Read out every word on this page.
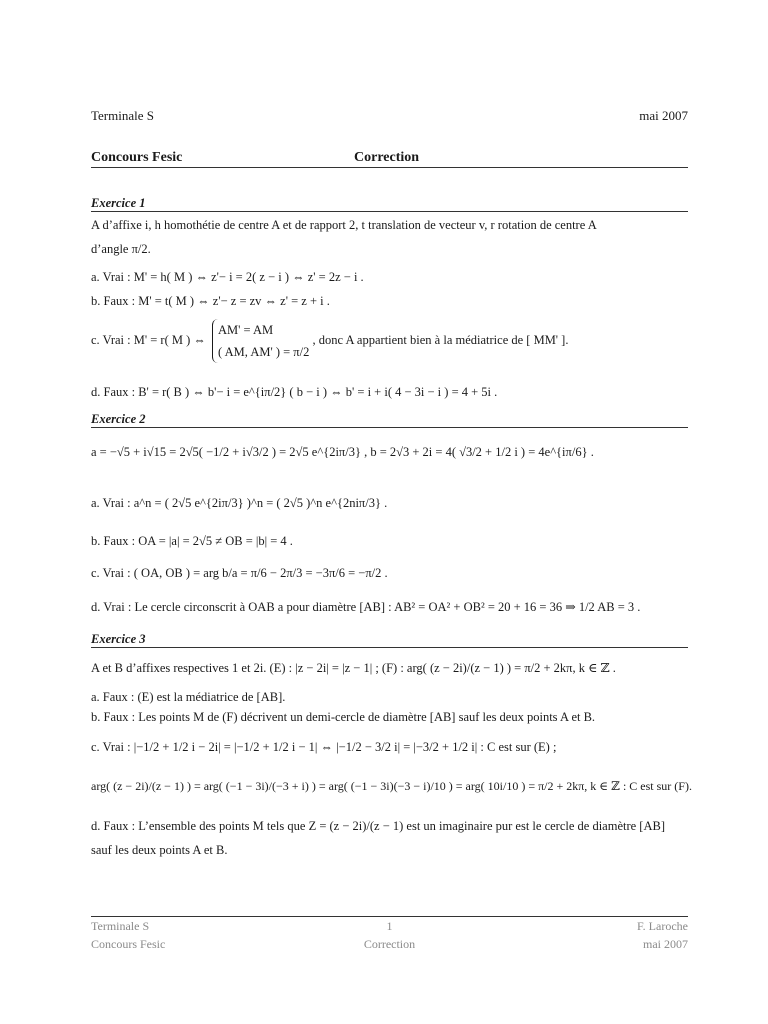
Terminale S	mai 2007
Concours Fesic	Correction
Exercice 1
A d’affixe i, h homothétie de centre A et de rapport 2, t translation de vecteur v, r rotation de centre A
d’angle π/2.
a. Vrai : M' = h( M ) ⇔ z'− i = 2( z − i ) ⇔ z' = 2z − i .
b. Faux : M' = t( M ) ⇔ z'− z = zv ⇔ z' = z + i .
c. Vrai : M' = r( M ) ⇔
AM' = AM
( AM, AM' ) = π/2
, donc A appartient bien à la médiatrice de [ MM' ].
d. Faux : B' = r( B ) ⇔ b'− i = e^{iπ/2} ( b − i ) ⇔ b' = i + i( 4 − 3i − i ) = 4 + 5i .
Exercice 2
a = −√5 + i√15 = 2√5( −1/2 + i√3/2 ) = 2√5 e^{2iπ/3} , b = 2√3 + 2i = 4( √3/2 + 1/2 i ) = 4e^{iπ/6} .
a. Vrai : a^n = ( 2√5 e^{2iπ/3} )^n = ( 2√5 )^n e^{2niπ/3} .
b. Faux : OA = |a| = 2√5 ≠ OB = |b| = 4 .
c. Vrai : ( OA, OB ) = arg b/a = π/6 − 2π/3 = −3π/6 = −π/2 .
d. Vrai : Le cercle circonscrit à OAB a pour diamètre [AB] : AB² = OA² + OB² = 20 + 16 = 36 ⇒ 1/2 AB = 3 .
Exercice 3
A et B d’affixes respectives 1 et 2i. (E) : |z − 2i| = |z − 1| ; (F) : arg( (z − 2i)/(z − 1) ) = π/2 + 2kπ, k ∈ ℤ .
a. Faux : (E) est la médiatrice de [AB].
b. Faux : Les points M de (F) décrivent un demi-cercle de diamètre [AB] sauf les deux points A et B.
c. Vrai : |−1/2 + 1/2 i − 2i| = |−1/2 + 1/2 i − 1| ⇔ |−1/2 − 3/2 i| = |−3/2 + 1/2 i| : C est sur (E) ;
arg( (z − 2i)/(z − 1) ) = arg( (−1 − 3i)/(−3 + i) ) = arg( (−1 − 3i)(−3 − i)/10 ) = arg( 10i/10 ) = π/2 + 2kπ, k ∈ ℤ : C est sur (F).
d. Faux : L’ensemble des points M tels que Z = (z − 2i)/(z − 1) est un imaginaire pur est le cercle de diamètre [AB]
sauf les deux points A et B.
Terminale S	1	F. Laroche
Concours Fesic	Correction	mai 2007
